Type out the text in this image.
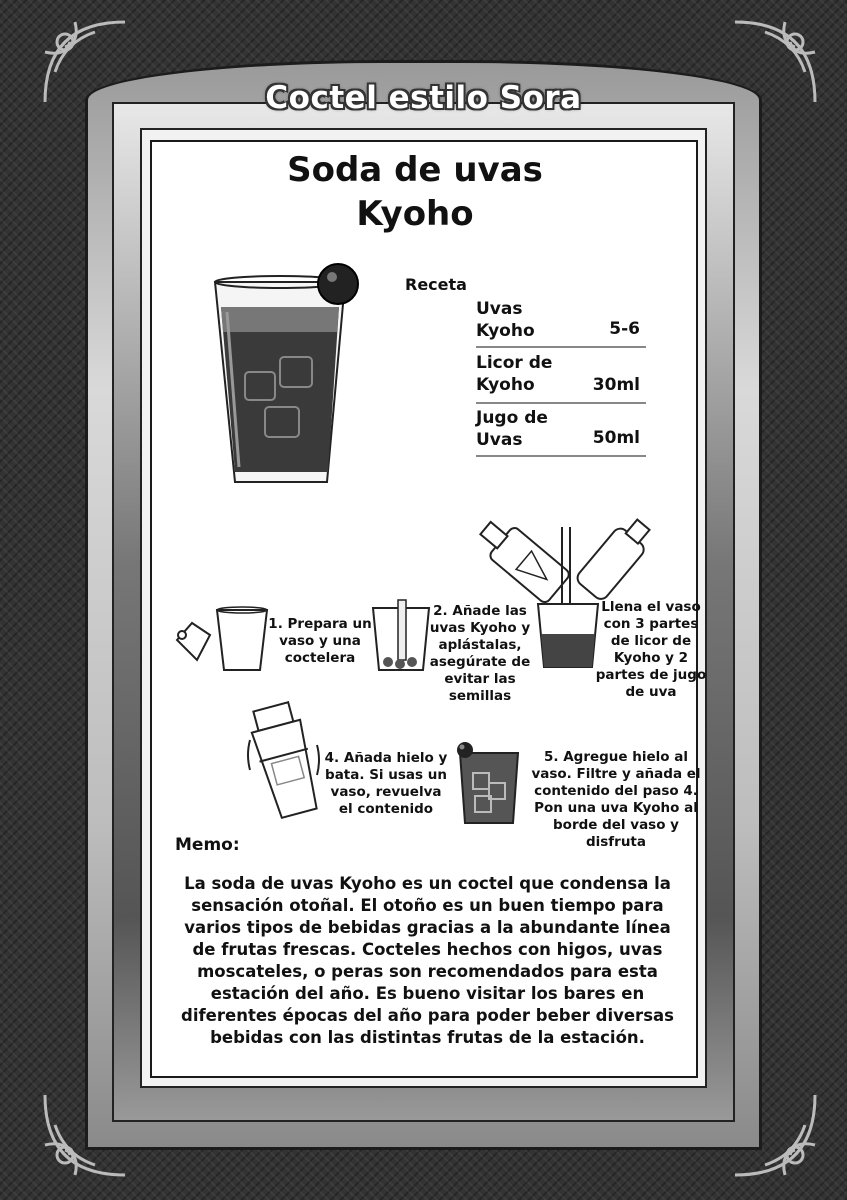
Coctel estilo Sora
Soda de uvas
Kyoho
Receta
Uvas Kyoho	5-6
Licor de Kyoho	30ml
Jugo de Uvas	50ml
1. Prepara un vaso y una coctelera
2. Añade las uvas Kyoho y aplástalas, asegúrate de evitar las semillas
Llena el vaso con 3 partes de licor de Kyoho y 2 partes de jugo de uva
4. Añada hielo y bata. Si usas un vaso, revuelva el contenido
5. Agregue hielo al vaso. Filtre y añada el contenido del paso 4. Pon una uva Kyoho al borde del vaso y disfruta
Memo:
La soda de uvas Kyoho es un coctel que condensa la sensación otoñal. El otoño es un buen tiempo para varios tipos de bebidas gracias a la abundante línea de frutas frescas. Cocteles hechos con higos, uvas moscateles, o peras son recomendados para esta estación del año. Es bueno visitar los bares en diferentes épocas del año para poder beber diversas bebidas con las distintas frutas de la estación.
